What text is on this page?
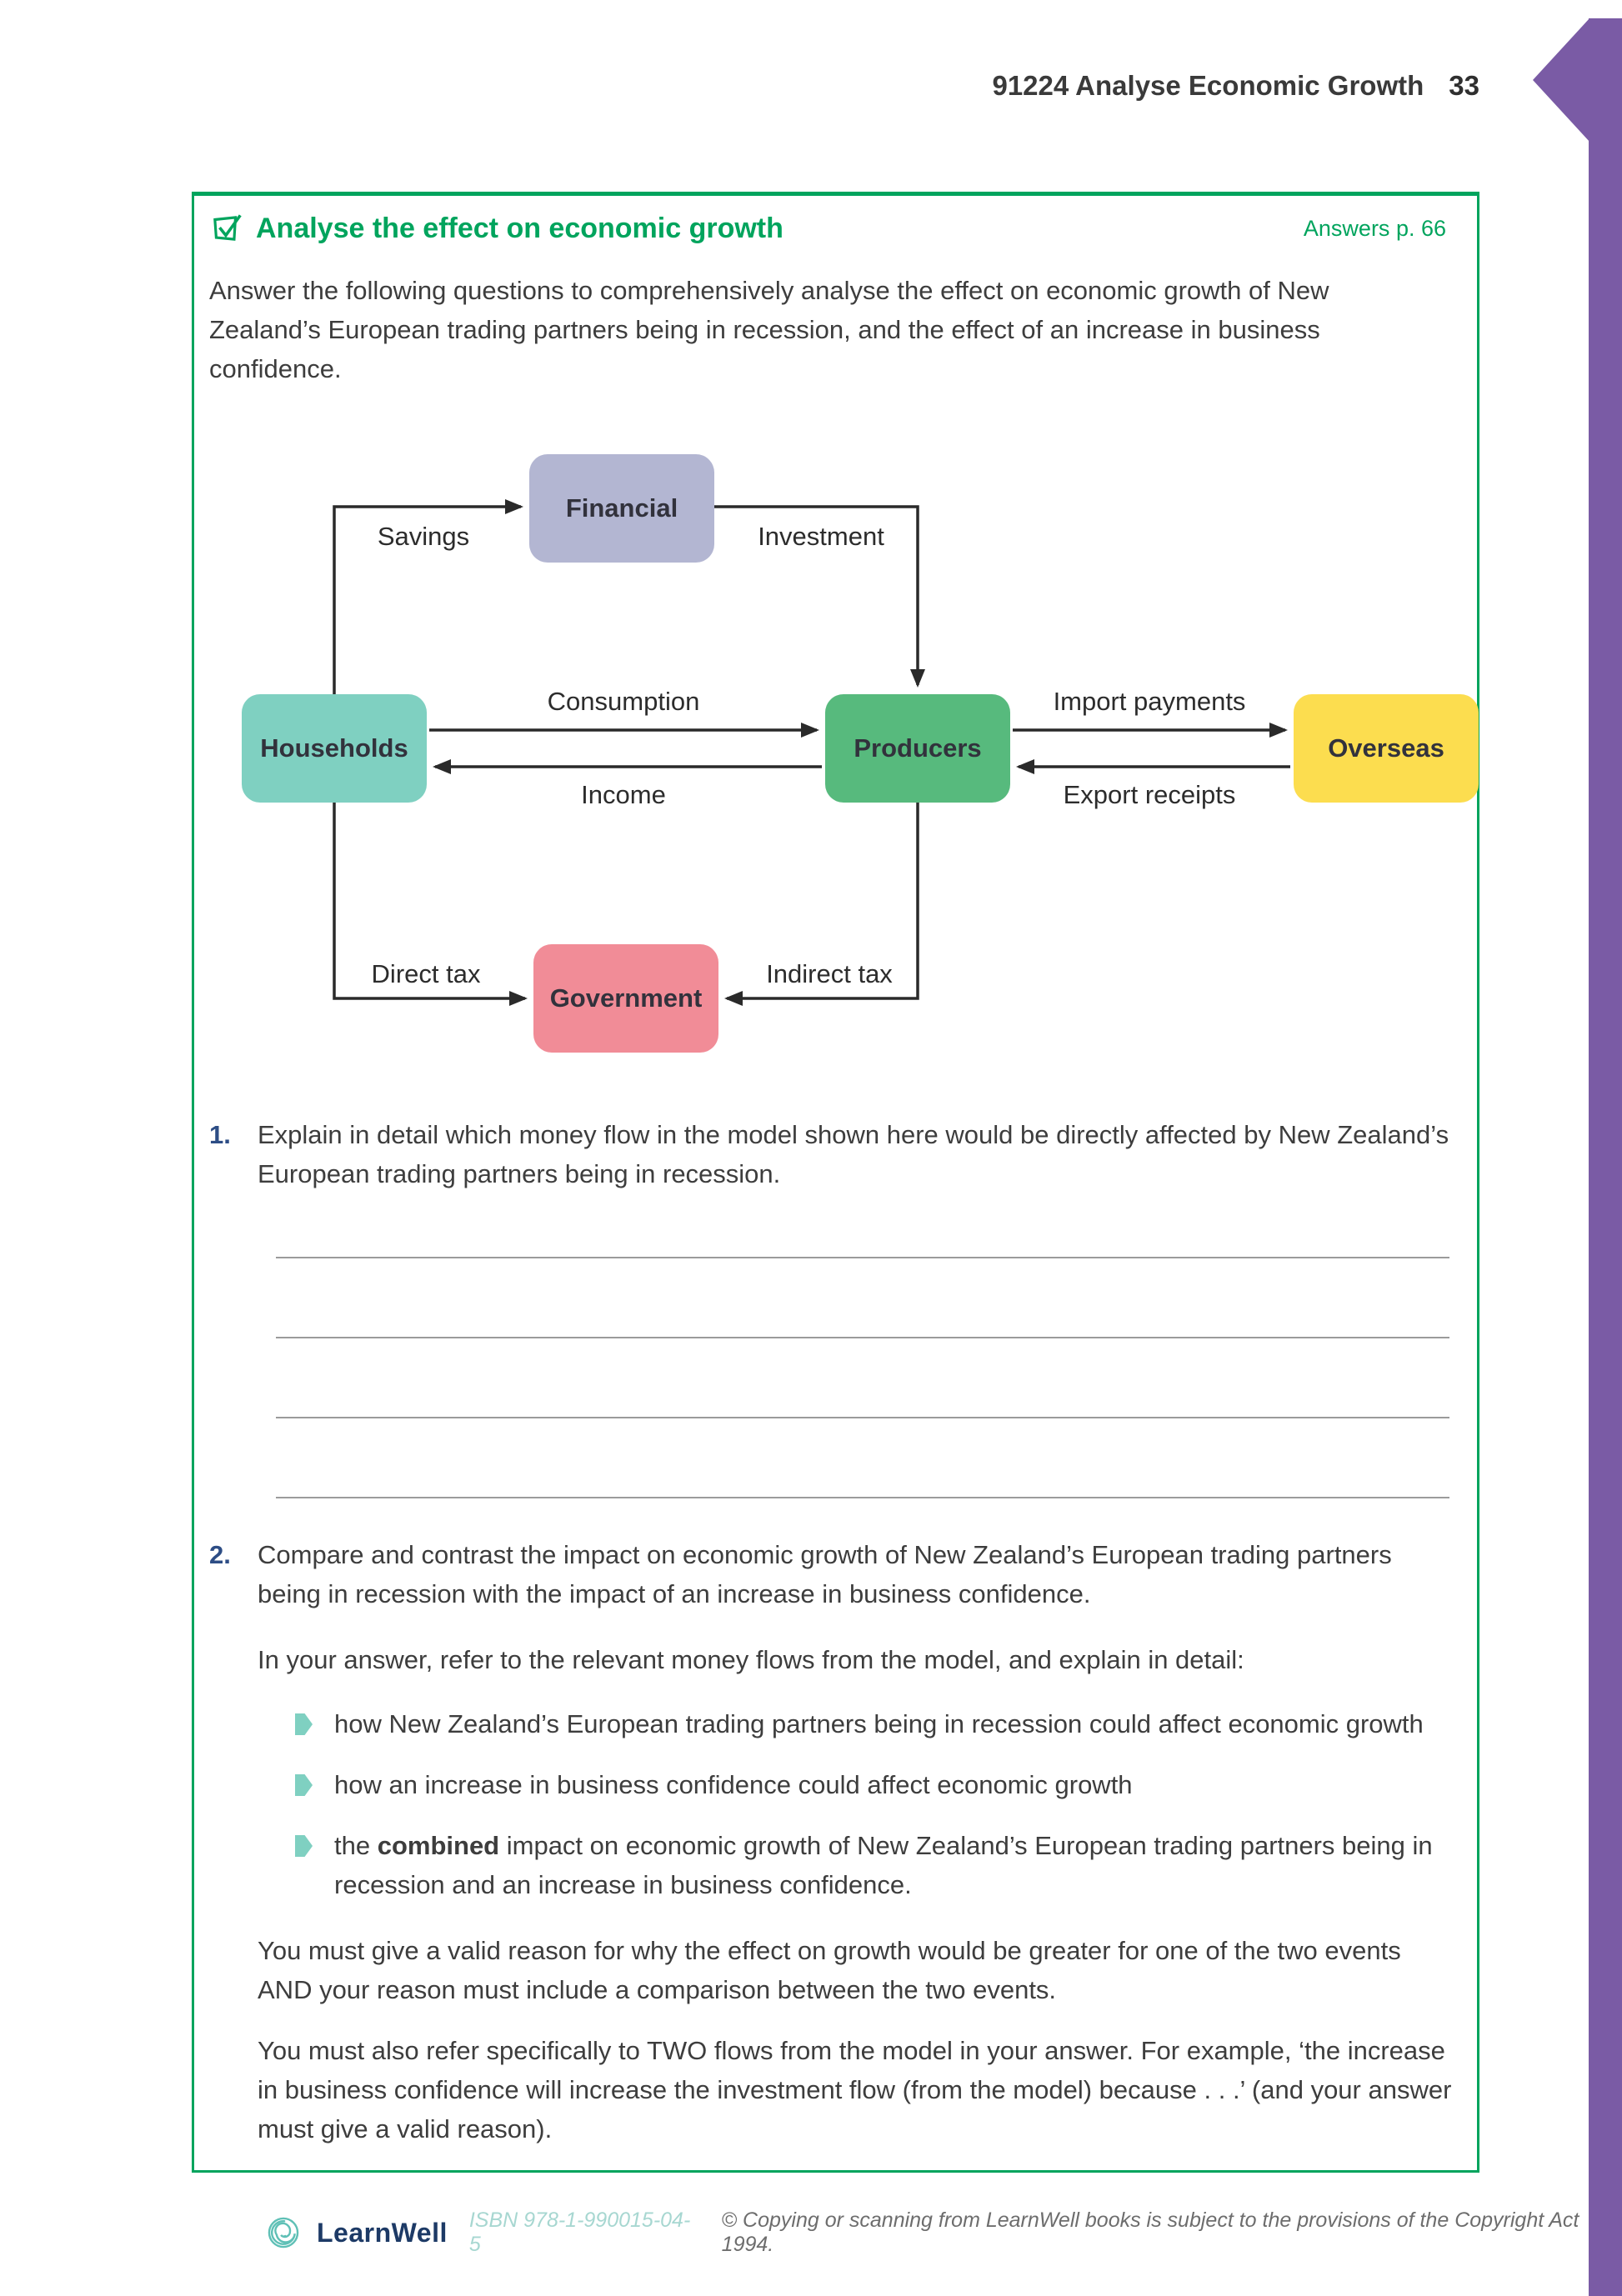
91224 Analyse Economic Growth 33
Analyse the effect on economic growth	Answers p. 66

Answer the following questions to comprehensively analyse the effect on economic growth of New Zealand’s European trading partners being in recession, and the effect of an increase in business confidence.

Financial
Households	Producers	Overseas
Government
Savings	Investment
Consumption
Income
Import payments
Export receipts
Direct tax	Indirect tax
1.	Explain in detail which money flow in the model shown here would be directly affected by New Zealand’s European trading partners being in recession.
2.	Compare and contrast the impact on economic growth of New Zealand’s European trading partners being in recession with the impact of an increase in business confidence.

In your answer, refer to the relevant money flows from the model, and explain in detail:

how New Zealand’s European trading partners being in recession could affect economic growth
how an increase in business confidence could affect economic growth
the combined impact on economic growth of New Zealand’s European trading partners being in recession and an increase in business confidence.

You must give a valid reason for why the effect on growth would be greater for one of the two events AND your reason must include a comparison between the two events.

You must also refer specifically to TWO flows from the model in your answer. For example, ‘the increase in business confidence will increase the investment flow (from the model) because . . .’ (and your answer must give a valid reason).

LearnWell ISBN 978-1-990015-04-5
© Copying or scanning from LearnWell books is subject to the provisions of the Copyright Act 1994.
